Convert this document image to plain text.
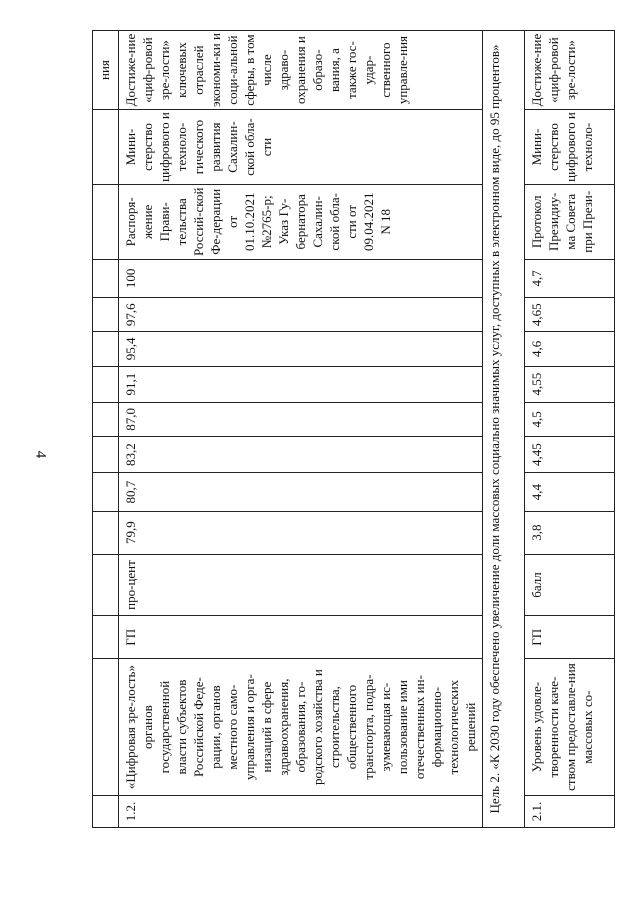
4
														ния
1.2.	«Цифровая зре-лость» органов государственной власти субъектов Российской Феде-рации, органов местного само-управления и орга-низаций в сфере здравоохранения, образования, го-родского хозяйства и строительства, общественного транспорта, подра-зумевающая ис-пользование ими отечественных ин-формационно-технологических решений	ГП	про-цент	79,9	80,7	83,2	87,0	91,1	95,4	97,6	100	Распоря-жение Прави-тельства Россий-ской Фе-дерации от 01.10.2021 №2765-р; Указ Гу-бернатора Сахалин-ской обла-сти от 09.04.2021 N 18	Мини-стерство цифрового и техноло-гического развития Сахалин-ской обла-сти	Достиже-ние «циф-ровой зре-лости» ключевых отраслей экономи-ки и соци-альной сферы, в том числе здраво-охранения и образо-вания, а также гос-удар-ственного управле-ния
Цель 2. «К 2030 году обеспечено увеличение доли массовых социально значимых услуг, доступных в электронном виде, до 95 процентов»														
2.1.	Уровень удовле-творенности каче-ством предоставле-ния массовых со-	ГП	балл	3,8	4,4	4,45	4,5	4,55	4,6	4,65	4,7	Протокол Президиу-ма Совета при Прези-	Мини-стерство цифрового и техноло-	Достиже-ние «циф-ровой зре-лости»
